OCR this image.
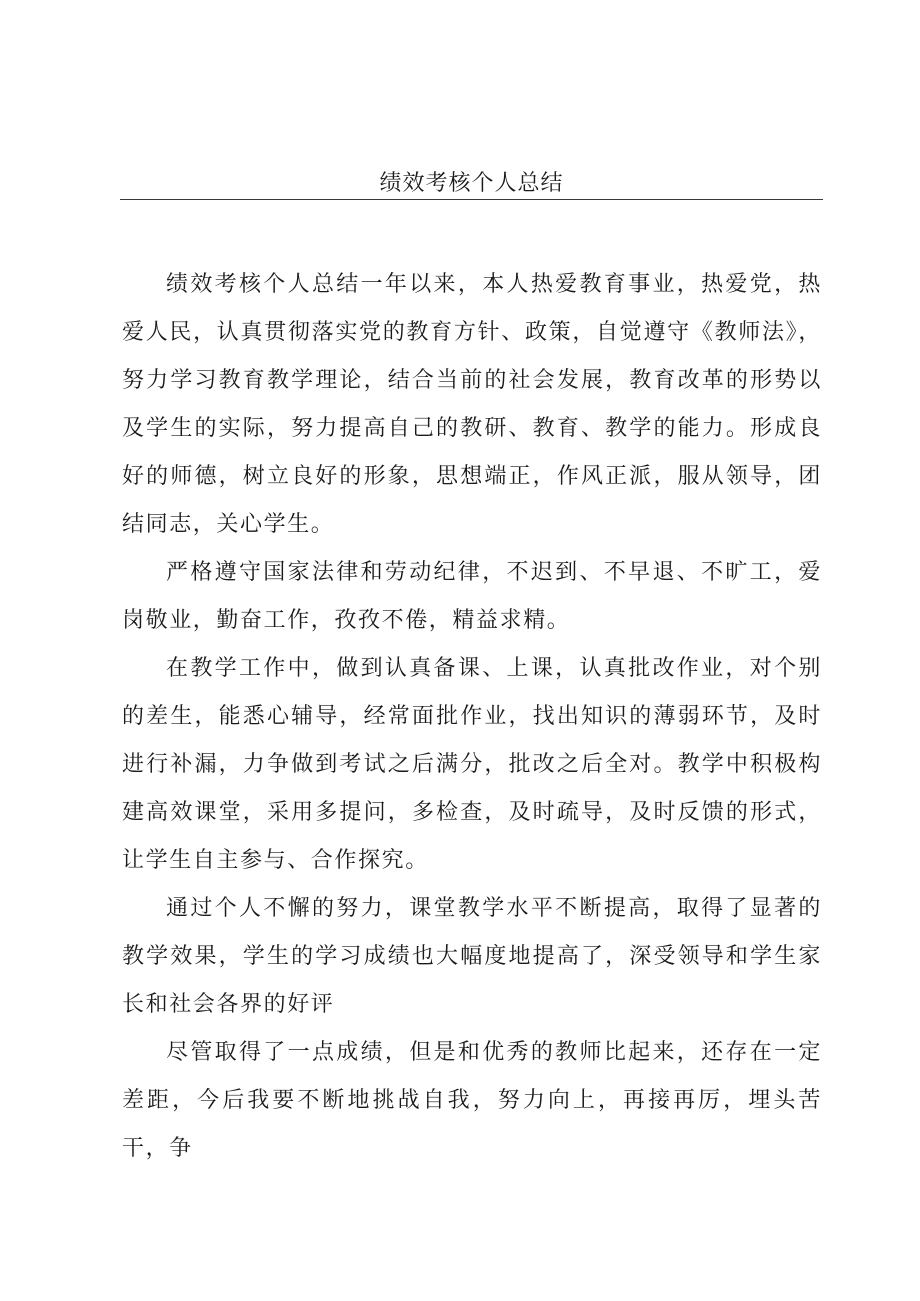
绩效考核个人总结

绩效考核个人总结一年以来，本人热爱教育事业，热爱党，热爱人民，认真贯彻落实党的教育方针、政策，自觉遵守《教师法》，努力学习教育教学理论，结合当前的社会发展，教育改革的形势以及学生的实际，努力提高自己的教研、教育、教学的能力。形成良好的师德，树立良好的形象，思想端正，作风正派，服从领导，团结同志，关心学生。

严格遵守国家法律和劳动纪律，不迟到、不早退、不旷工，爱岗敬业，勤奋工作，孜孜不倦，精益求精。

在教学工作中，做到认真备课、上课，认真批改作业，对个别的差生，能悉心辅导，经常面批作业，找出知识的薄弱环节，及时进行补漏，力争做到考试之后满分，批改之后全对。教学中积极构建高效课堂，采用多提问，多检查，及时疏导，及时反馈的形式，让学生自主参与、合作探究。

通过个人不懈的努力，课堂教学水平不断提高，取得了显著的教学效果，学生的学习成绩也大幅度地提高了，深受领导和学生家长和社会各界的好评

尽管取得了一点成绩，但是和优秀的教师比起来，还存在一定差距，今后我要不断地挑战自我，努力向上，再接再厉，埋头苦干，争
